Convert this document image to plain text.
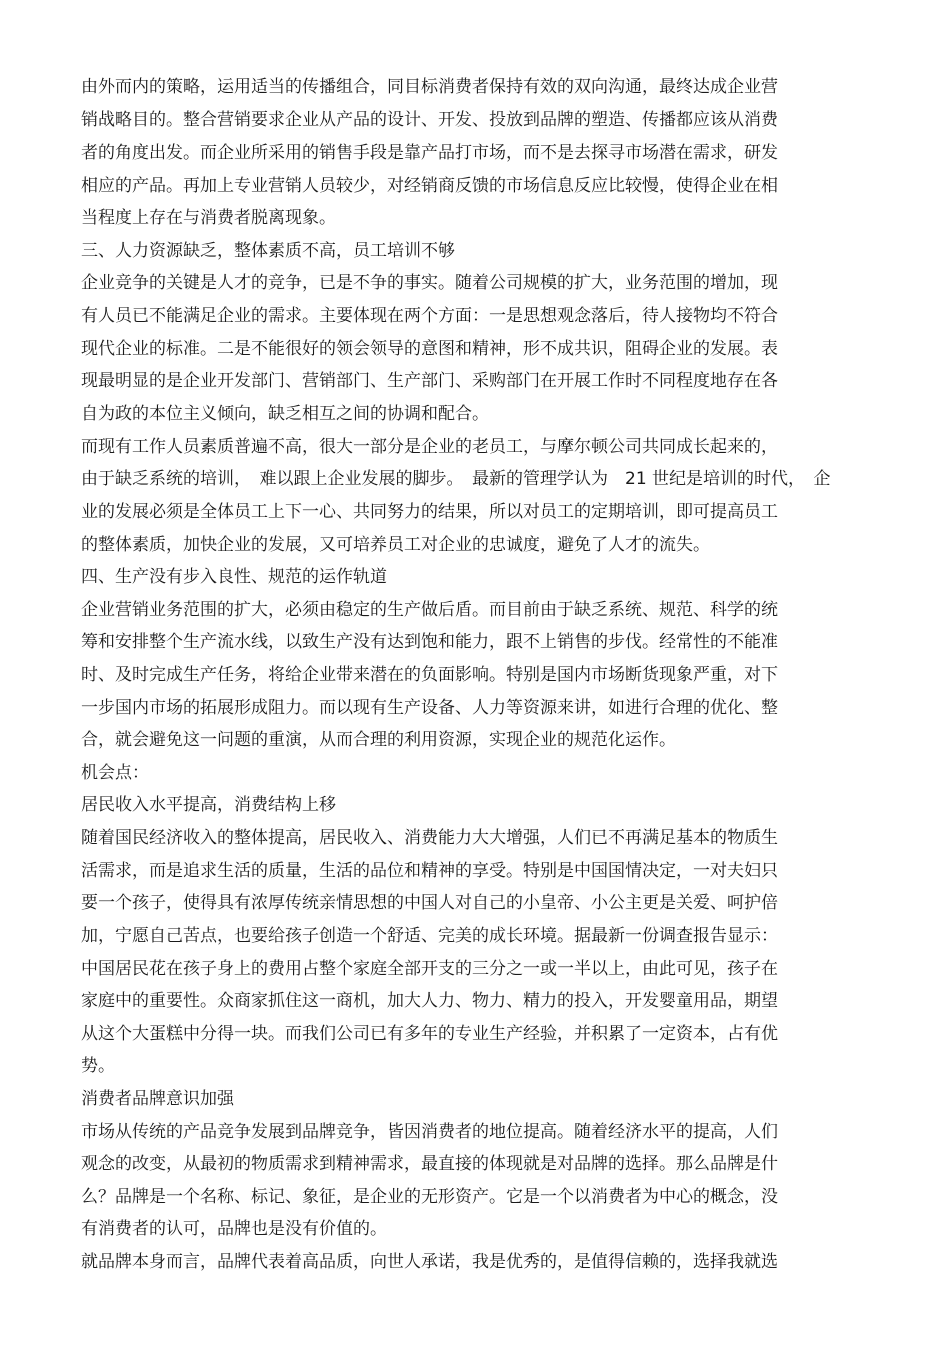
由外而内的策略，运用适当的传播组合，同目标消费者保持有效的双向沟通，最终达成企业营

销战略目的。整合营销要求企业从产品的设计、开发、投放到品牌的塑造、传播都应该从消费

者的角度出发。而企业所采用的销售手段是靠产品打市场，而不是去探寻市场潜在需求，研发

相应的产品。再加上专业营销人员较少，对经销商反馈的市场信息反应比较慢，使得企业在相

当程度上存在与消费者脱离现象。

三、人力资源缺乏，整体素质不高，员工培训不够

企业竞争的关键是人才的竞争，已是不争的事实。随着公司规模的扩大，业务范围的增加，现

有人员已不能满足企业的需求。主要体现在两个方面：一是思想观念落后，待人接物均不符合

现代企业的标准。二是不能很好的领会领导的意图和精神，形不成共识，阻碍企业的发展。表

现最明显的是企业开发部门、营销部门、生产部门、采购部门在开展工作时不同程度地存在各

自为政的本位主义倾向，缺乏相互之间的协调和配合。

而现有工作人员素质普遍不高，很大一部分是企业的老员工，与摩尔顿公司共同成长起来的，

由于缺乏系统的培训，　难以跟上企业发展的脚步。　最新的管理学认为　21 世纪是培训的时代，　企

业的发展必须是全体员工上下一心、共同努力的结果，所以对员工的定期培训，即可提高员工

的整体素质，加快企业的发展，又可培养员工对企业的忠诚度，避免了人才的流失。

四、生产没有步入良性、规范的运作轨道

企业营销业务范围的扩大，必须由稳定的生产做后盾。而目前由于缺乏系统、规范、科学的统

筹和安排整个生产流水线，以致生产没有达到饱和能力，跟不上销售的步伐。经常性的不能准

时、及时完成生产任务，将给企业带来潜在的负面影响。特别是国内市场断货现象严重，对下

一步国内市场的拓展形成阻力。而以现有生产设备、人力等资源来讲，如进行合理的优化、整

合，就会避免这一问题的重演，从而合理的利用资源，实现企业的规范化运作。

机会点：

居民收入水平提高，消费结构上移

随着国民经济收入的整体提高，居民收入、消费能力大大增强，人们已不再满足基本的物质生

活需求，而是追求生活的质量，生活的品位和精神的享受。特别是中国国情决定，一对夫妇只

要一个孩子，使得具有浓厚传统亲情思想的中国人对自己的小皇帝、小公主更是关爱、呵护倍

加，宁愿自己苦点，也要给孩子创造一个舒适、完美的成长环境。据最新一份调查报告显示：

中国居民花在孩子身上的费用占整个家庭全部开支的三分之一或一半以上，由此可见，孩子在

家庭中的重要性。众商家抓住这一商机，加大人力、物力、精力的投入，开发婴童用品，期望

从这个大蛋糕中分得一块。而我们公司已有多年的专业生产经验，并积累了一定资本，占有优

势。

消费者品牌意识加强

市场从传统的产品竞争发展到品牌竞争，皆因消费者的地位提高。随着经济水平的提高，人们

观念的改变，从最初的物质需求到精神需求，最直接的体现就是对品牌的选择。那么品牌是什

么？品牌是一个名称、标记、象征，是企业的无形资产。它是一个以消费者为中心的概念，没

有消费者的认可，品牌也是没有价值的。

就品牌本身而言，品牌代表着高品质，向世人承诺，我是优秀的，是值得信赖的，选择我就选
